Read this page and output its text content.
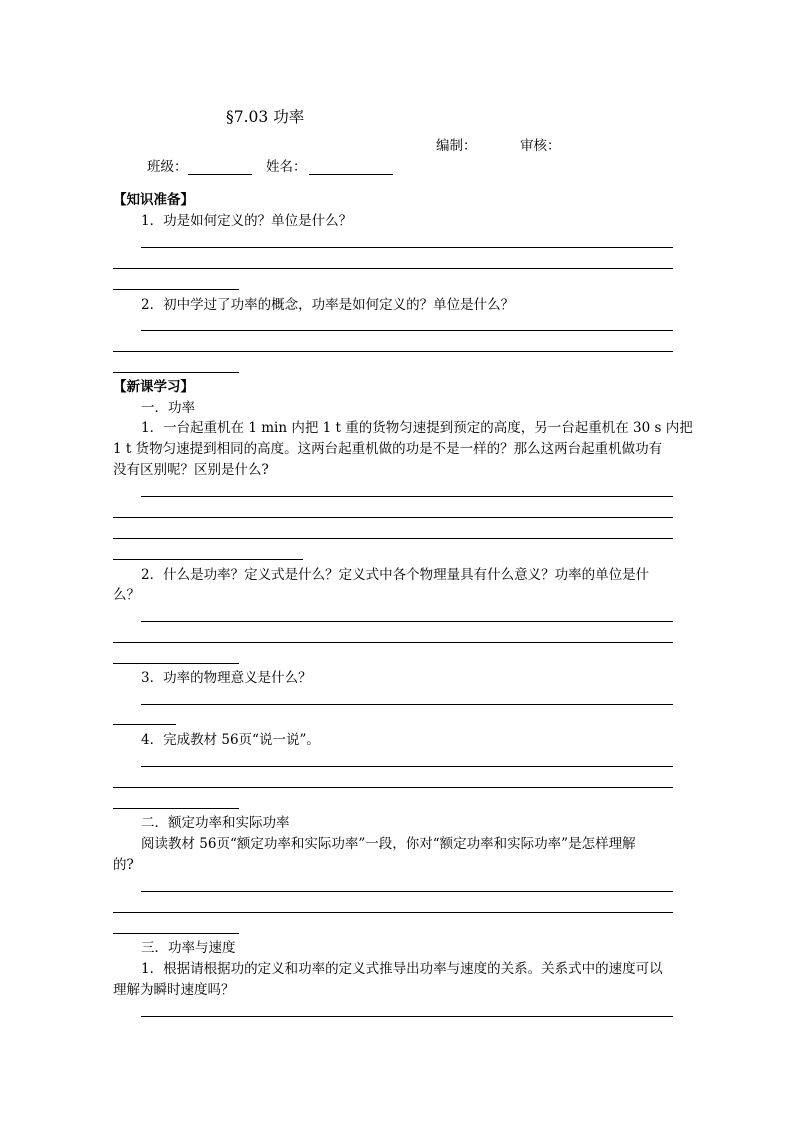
§7.03 功率
编制：	审核：
班级：	姓名：
【知识准备】
1．功是如何定义的？单位是什么？
2．初中学过了功率的概念，功率是如何定义的？单位是什么？
【新课学习】
一．功率
1．一台起重机在 1 min 内把 1 t 重的货物匀速提到预定的高度，另一台起重机在 30 s 内把
1 t 货物匀速提到相同的高度。这两台起重机做的功是不是一样的？那么这两台起重机做功有
没有区别呢？区别是什么?
2．什么是功率？定义式是什么？定义式中各个物理量具有什么意义？功率的单位是什
么？
3．功率的物理意义是什么？
4．完成教材 56页“说一说”。
二．额定功率和实际功率
阅读教材 56页“额定功率和实际功率”一段，你对“额定功率和实际功率”是怎样理解
的?
三．功率与速度
1．根据请根据功的定义和功率的定义式推导出功率与速度的关系。关系式中的速度可以
理解为瞬时速度吗？
